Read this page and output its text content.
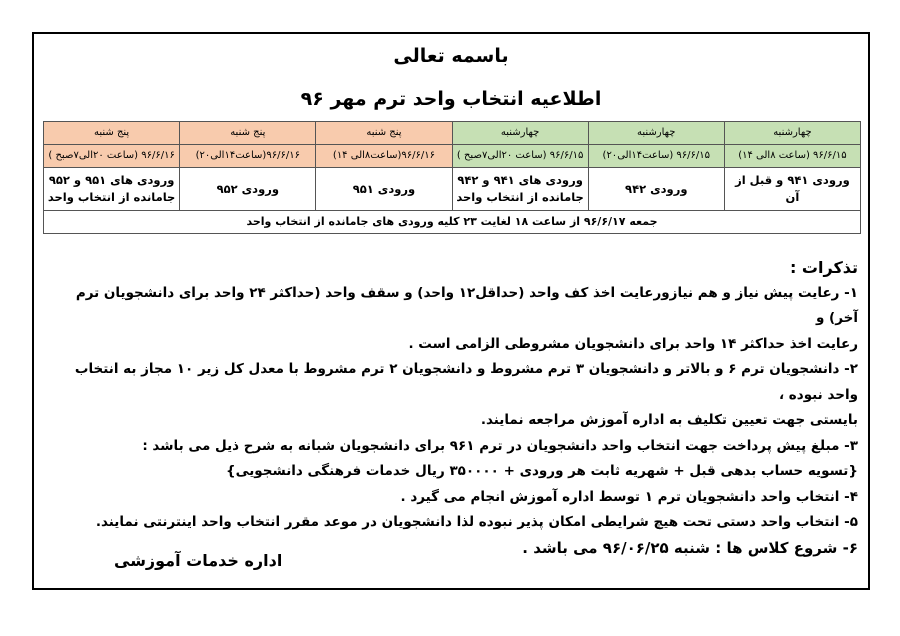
باسمه تعالی
اطلاعیه انتخاب واحد ترم مهر ۹۶
چهارشنبه	چهارشنبه	چهارشنبه	پنج شنبه	پنج شنبه	پنج شنبه
۹۶/۶/۱۵ (ساعت ۸الی ۱۴)	۹۶/۶/۱۵ (ساعت۱۴الی۲۰)	۹۶/۶/۱۵ (ساعت ۲۰الی۷صبح )	۹۶/۶/۱۶(ساعت۸الی ۱۴)	۹۶/۶/۱۶(ساعت۱۴الی۲۰)	۹۶/۶/۱۶ (ساعت ۲۰الی۷صبح )
ورودی ۹۴۱ و قبل از آن	ورودی ۹۴۲	ورودی های ۹۴۱ و ۹۴۲ جامانده از انتخاب واحد	ورودی ۹۵۱	ورودی ۹۵۲	ورودی های ۹۵۱ و ۹۵۲ جامانده از انتخاب واحد
جمعه ۹۶/۶/۱۷ از ساعت ۱۸ لغایت ۲۳ کلیه ورودی های جامانده از انتخاب واحد					
تذکرات :
۱- رعایت پیش نیاز و هم نیازورعایت اخذ کف واحد (حداقل۱۲ واحد) و سقف واحد (حداکثر ۲۴ واحد برای دانشجویان ترم آخر) و
رعایت اخذ حداکثر ۱۴ واحد برای دانشجویان مشروطی الزامی است .
۲- دانشجویان ترم ۶ و بالاتر و دانشجویان ۳ ترم مشروط و دانشجویان ۲ ترم مشروط با معدل کل زیر ۱۰ مجاز به انتخاب واحد نبوده ،
بایستی جهت تعیین تکلیف به اداره آموزش مراجعه نمایند.
۳- مبلغ پیش پرداخت جهت انتخاب واحد دانشجویان در ترم ۹۶۱ برای دانشجویان شبانه به شرح ذیل می باشد :
{تسویه حساب بدهی قبل + شهریه ثابت هر ورودی + ۳۵۰۰۰۰ ریال خدمات فرهنگی دانشجویی}
۴- انتخاب واحد دانشجویان ترم ۱ توسط اداره آموزش انجام می گیرد .
۵- انتخاب واحد دستی تحت هیچ شرایطی امکان پذیر نبوده لذا دانشجویان در موعد مقرر انتخاب واحد اینترنتی نمایند.
۶- شروع کلاس ها : شنبه ۹۶/۰۶/۲۵ می باشد .
اداره خدمات آموزشی
